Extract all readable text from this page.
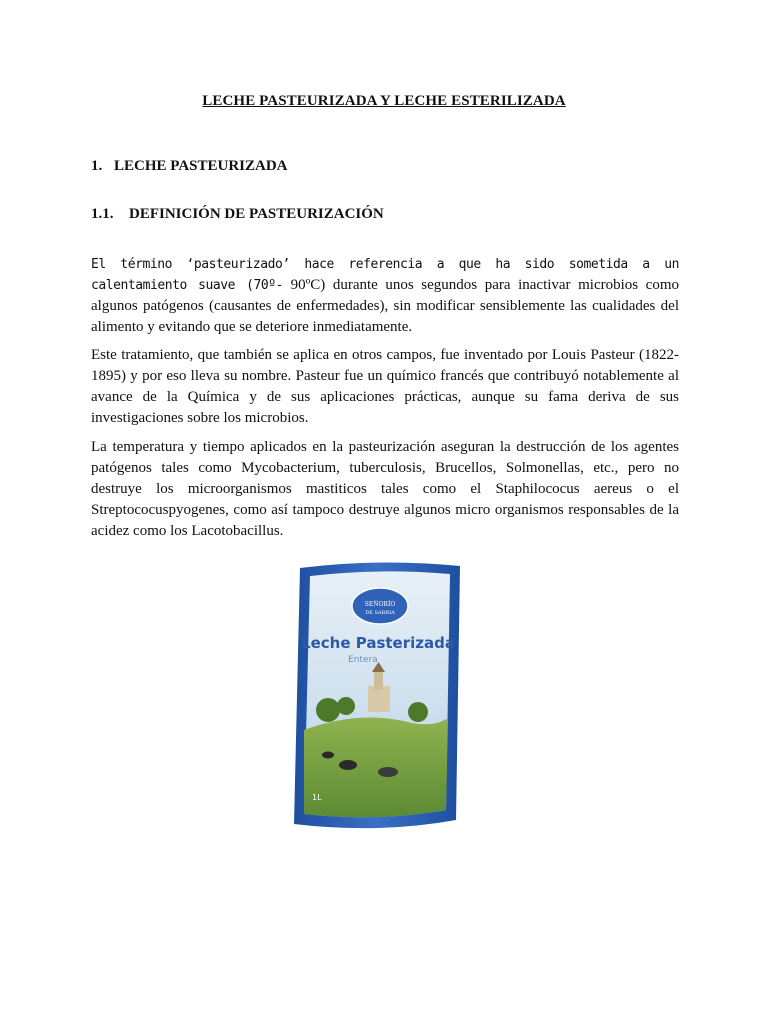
LECHE PASTEURIZADA Y LECHE ESTERILIZADA
1. LECHE PASTEURIZADA
1.1. DEFINICIÓN DE PASTEURIZACIÓN

El término ‘pasteurizado’ hace referencia a que ha sido sometida a un calentamiento suave (70º- 90ºC) durante unos segundos para inactivar microbios como algunos patógenos (causantes de enfermedades), sin modificar sensiblemente las cualidades del alimento y evitando que se deteriore inmediatamente.

Este tratamiento, que también se aplica en otros campos, fue inventado por Louis Pasteur (1822-1895) y por eso lleva su nombre. Pasteur fue un químico francés que contribuyó notablemente al avance de la Química y de sus aplicaciones prácticas, aunque su fama deriva de sus investigaciones sobre los microbios.

La temperatura y tiempo aplicados en la pasteurización aseguran la destrucción de los agentes patógenos tales como Mycobacterium, tuberculosis, Brucellos, Solmonellas, etc., pero no destruye los microorganismos mastiticos tales como el Staphilococus aereus o el Streptococuspyogenes, como así tampoco destruye algunos micro organismos responsables de la acidez como los Lacotobacillus.

SEÑORÍO
DE SARRIA
Leche Pasterizada
Entera
1L
